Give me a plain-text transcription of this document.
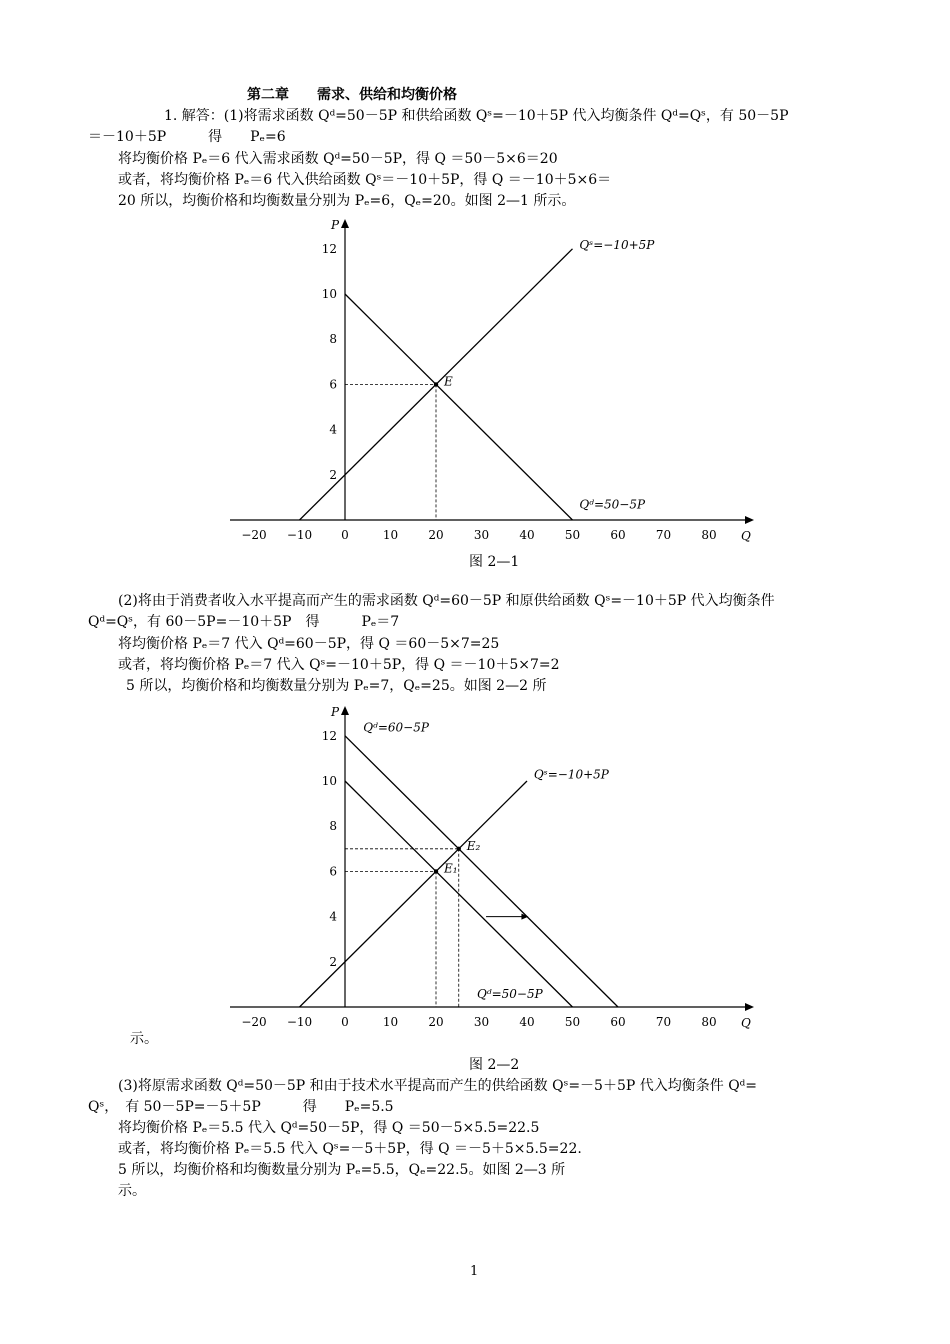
第二章　　需求、供给和均衡价格
1. 解答：(1)将需求函数 Qᵈ=50－5P 和供给函数 Qˢ=－10＋5P 代入均衡条件 Qᵈ=Qˢ，有 50－5P
＝－10＋5P　　　得　　Pₑ=6
将均衡价格 Pₑ＝6 代入需求函数 Qᵈ=50－5P，得 Q ＝50－5×6＝20
或者，将均衡价格 Pₑ＝6 代入供给函数 Qˢ＝－10＋5P，得 Q ＝－10＋5×6＝
20 所以，均衡价格和均衡数量分别为 Pₑ=6，Qₑ=20。如图 2—1 所示。
P
Q
−20 −10 0	10	20	30	40	50	60	70	80
2
4
6
8
10
12	Qˢ=−10+5P
Qᵈ=50−5P
E
图 2—1
(2)将由于消费者收入水平提高而产生的需求函数 Qᵈ=60－5P 和原供给函数 Qˢ=－10＋5P 代入均衡条件
Qᵈ=Qˢ，有 60－5P=－10＋5P　得　　　Pₑ＝7
将均衡价格 Pₑ＝7 代入 Qᵈ=60－5P，得 Q ＝60－5×7=25
或者，将均衡价格 Pₑ＝7 代入 Qˢ=－10＋5P，得 Q ＝－10＋5×7=2
5 所以，均衡价格和均衡数量分别为 Pₑ=7，Qₑ=25。如图 2—2 所
P
Q
−20 −10 0	10	20	30	40	50	60	70	80
2
4
6
8
10
12
Qᵈ=60−5P
Qˢ=−10+5P
Qᵈ=50−5P
E₁
E₂
示。
图 2—2
(3)将原需求函数 Qᵈ=50－5P 和由于技术水平提高而产生的供给函数 Qˢ=－5＋5P 代入均衡条件 Qᵈ=
Qˢ，　有 50－5P=－5＋5P　　　得　　Pₑ=5.5
将均衡价格 Pₑ＝5.5 代入 Qᵈ=50－5P，得 Q ＝50－5×5.5=22.5
或者，将均衡价格 Pₑ＝5.5 代入 Qˢ=－5＋5P，得 Q ＝－5＋5×5.5=22.
5 所以，均衡价格和均衡数量分别为 Pₑ=5.5，Qₑ=22.5。如图 2—3 所
示。
1
